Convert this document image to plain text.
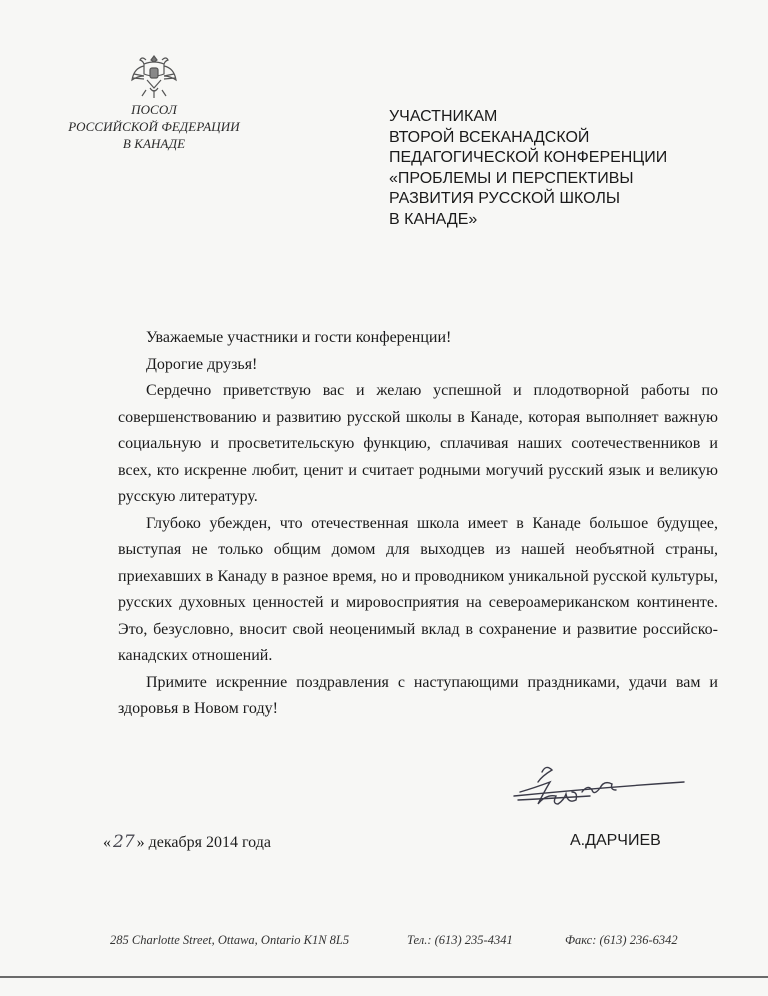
ПОСОЛ
РОССИЙСКОЙ ФЕДЕРАЦИИ
В КАНАДЕ
УЧАСТНИКАМ
ВТОРОЙ ВСЕКАНАДСКОЙ
ПЕДАГОГИЧЕСКОЙ КОНФЕРЕНЦИИ
«ПРОБЛЕМЫ И ПЕРСПЕКТИВЫ
РАЗВИТИЯ РУССКОЙ ШКОЛЫ
В КАНАДЕ»

Уважаемые участники и гости конференции!

Дорогие друзья!

Сердечно приветствую вас и желаю успешной и плодотворной работы по совершенствованию и развитию русской школы в Канаде, которая выполняет важную социальную и просветительскую функцию, сплачивая наших соотечественников и всех, кто искренне любит, ценит и считает родными могучий русский язык и великую русскую литературу.

Глубоко убежден, что отечественная школа имеет в Канаде большое будущее, выступая не только общим домом для выходцев из нашей необъятной страны, приехавших в Канаду в разное время, но и проводником уникальной русской культуры, русских духовных ценностей и мировосприятия на североамериканском континенте. Это, безусловно, вносит свой неоценимый вклад в сохранение и развитие российско-канадских отношений.

Примите искренние поздравления с наступающими праздниками, удачи вам и здоровья в Новом году!

« 27 » декабря 2014 года	А.ДАРЧИЕВ
285 Charlotte Street, Ottawa, Ontario K1N 8L5	Тел.: (613) 235-4341	Факс: (613) 236-6342
